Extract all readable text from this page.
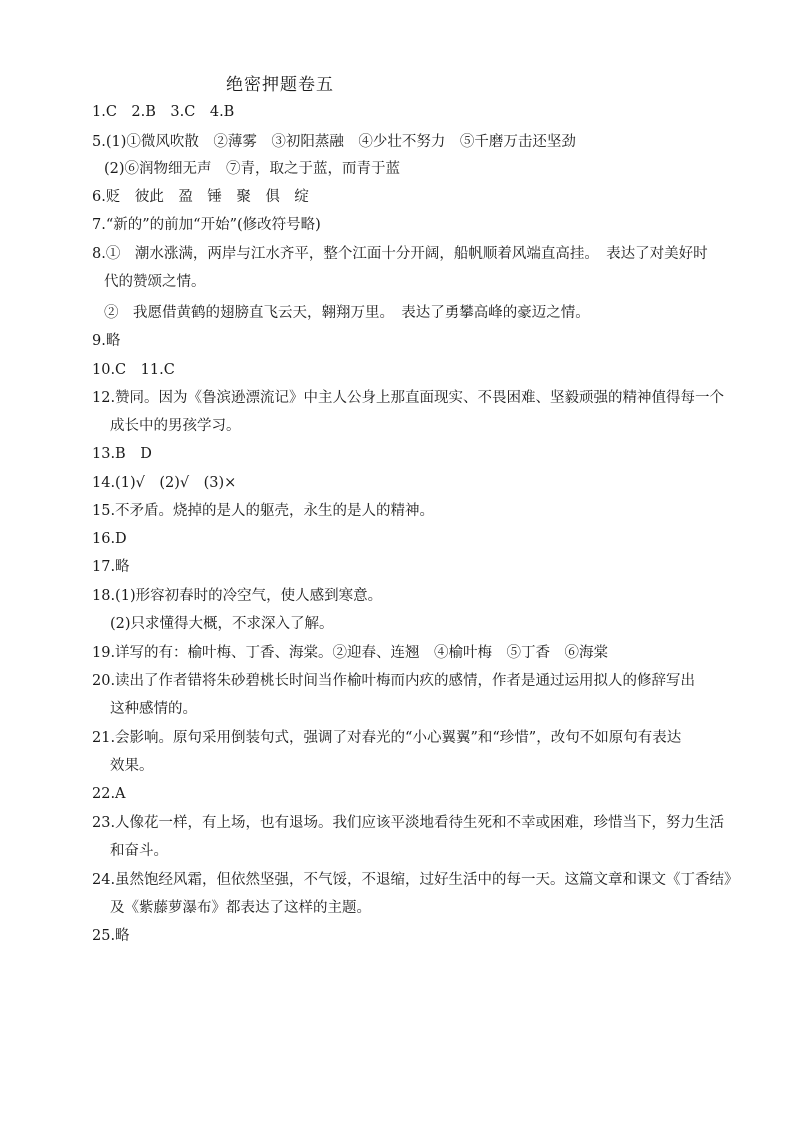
绝密押题卷五
1.C　2.B　3.C　4.B
5.(1)①微风吹散　②薄雾　③初阳蒸融　④少壮不努力　⑤千磨万击还坚劲
(2)⑥润物细无声　⑦青，取之于蓝，而青于蓝
6.贬　彼此　盈　锤　聚　俱　绽
7.“新的”的前加“开始”(修改符号略)
8.①　潮水涨满，两岸与江水齐平，整个江面十分开阔，船帆顺着风端直高挂。　表达了对美好时
代的赞颂之情。
②　我愿借黄鹤的翅膀直飞云天，翱翔万里。　表达了勇攀高峰的豪迈之情。
9.略
10.C　11.C
12.赞同。因为《鲁滨逊漂流记》中主人公身上那直面现实、不畏困难、坚毅顽强的精神值得每一个
成长中的男孩学习。
13.B　D
14.(1)√　(2)√　(3)×
15.不矛盾。烧掉的是人的躯壳，永生的是人的精神。
16.D
17.略
18.(1)形容初春时的冷空气，使人感到寒意。
(2)只求懂得大概，不求深入了解。
19.详写的有：榆叶梅、丁香、海棠。②迎春、连翘　④榆叶梅　⑤丁香　⑥海棠
20.读出了作者错将朱砂碧桃长时间当作榆叶梅而内疚的感情，作者是通过运用拟人的修辞写出
这种感情的。
21.会影响。原句采用倒装句式，强调了对春光的“小心翼翼”和“珍惜”，改句不如原句有表达
效果。
22.A
23.人像花一样，有上场，也有退场。我们应该平淡地看待生死和不幸或困难，珍惜当下，努力生活
和奋斗。
24.虽然饱经风霜，但依然坚强，不气馁，不退缩，过好生活中的每一天。这篇文章和课文《丁香结》
及《紫藤萝瀑布》都表达了这样的主题。
25.略
